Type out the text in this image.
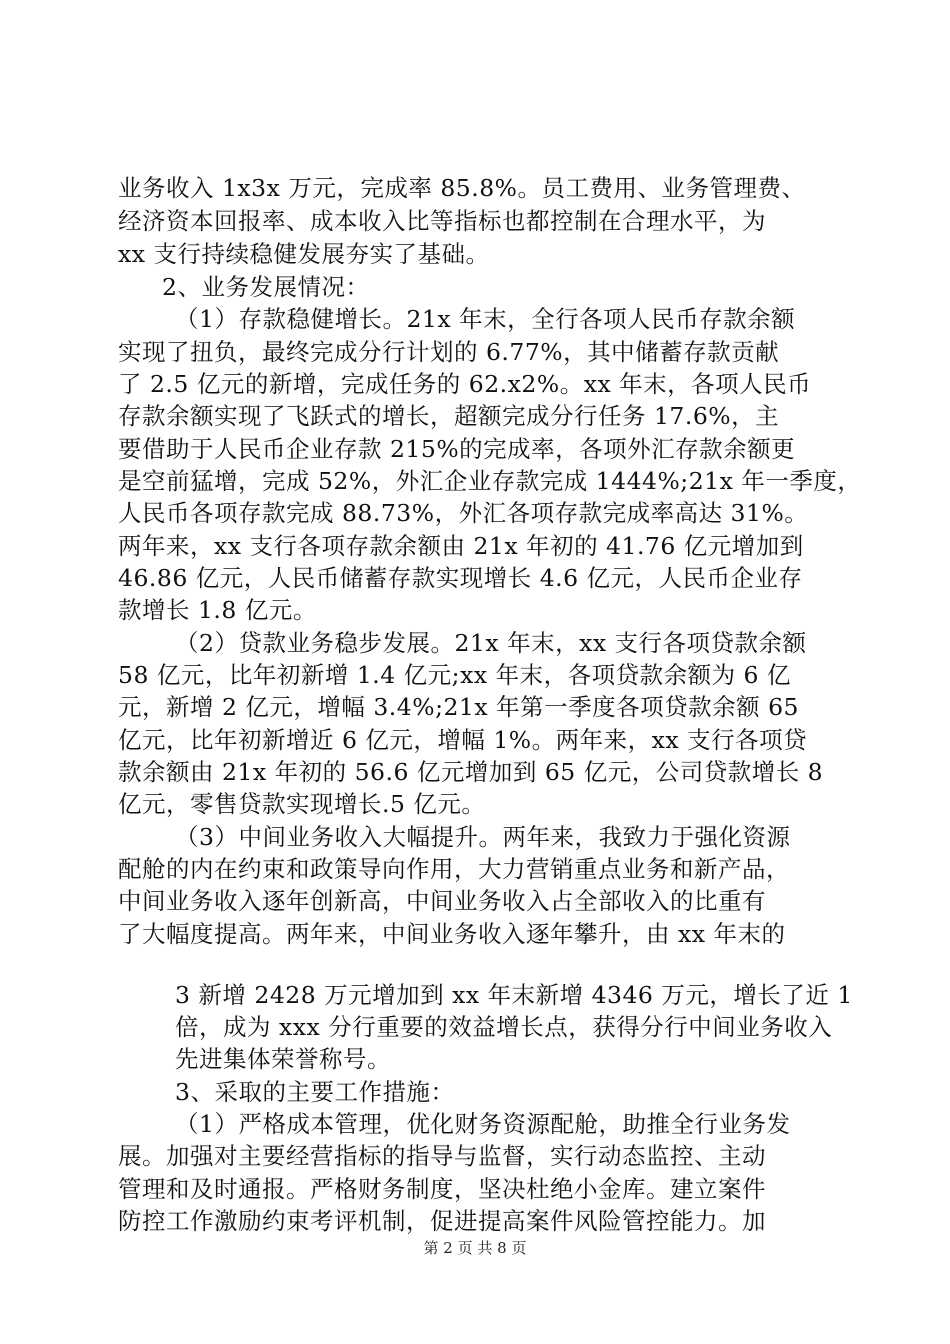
业务收入 1x3x 万元，完成率 85.8%。员工费用、业务管理费、
经济资本回报率、成本收入比等指标也都控制在合理水平，为
xx 支行持续稳健发展夯实了基础。
2、业务发展情况：
（1）存款稳健增长。21x 年末，全行各项人民币存款余额
实现了扭负，最终完成分行计划的 6.77%，其中储蓄存款贡献
了 2.5 亿元的新增，完成任务的 62.x2%。xx 年末，各项人民币
存款余额实现了飞跃式的增长，超额完成分行任务 17.6%，主
要借助于人民币企业存款 215%的完成率，各项外汇存款余额更
是空前猛增，完成 52%，外汇企业存款完成 1444%;21x 年一季度，
人民币各项存款完成 88.73%，外汇各项存款完成率高达 31%。
两年来，xx 支行各项存款余额由 21x 年初的 41.76 亿元增加到
46.86 亿元，人民币储蓄存款实现增长 4.6 亿元，人民币企业存
款增长 1.8 亿元。
（2）贷款业务稳步发展。21x 年末，xx 支行各项贷款余额
58 亿元，比年初新增 1.4 亿元;xx 年末，各项贷款余额为 6 亿
元，新增 2 亿元，增幅 3.4%;21x 年第一季度各项贷款余额 65
亿元，比年初新增近 6 亿元，增幅 1%。两年来，xx 支行各项贷
款余额由 21x 年初的 56.6 亿元增加到 65 亿元，公司贷款增长 8
亿元，零售贷款实现增长.5 亿元。
（3）中间业务收入大幅提升。两年来，我致力于强化资源
配舱的内在约束和政策导向作用，大力营销重点业务和新产品，
中间业务收入逐年创新高，中间业务收入占全部收入的比重有
了大幅度提高。两年来，中间业务收入逐年攀升，由 xx 年末的
3 新增 2428 万元增加到 xx 年末新增 4346 万元，增长了近 1
倍，成为 xxx 分行重要的效益增长点，获得分行中间业务收入
先进集体荣誉称号。
3、采取的主要工作措施：
（1）严格成本管理，优化财务资源配舱，助推全行业务发
展。加强对主要经营指标的指导与监督，实行动态监控、主动
管理和及时通报。严格财务制度，坚决杜绝小金库。建立案件
防控工作激励约束考评机制，促进提高案件风险管控能力。加
第 2 页 共 8 页
